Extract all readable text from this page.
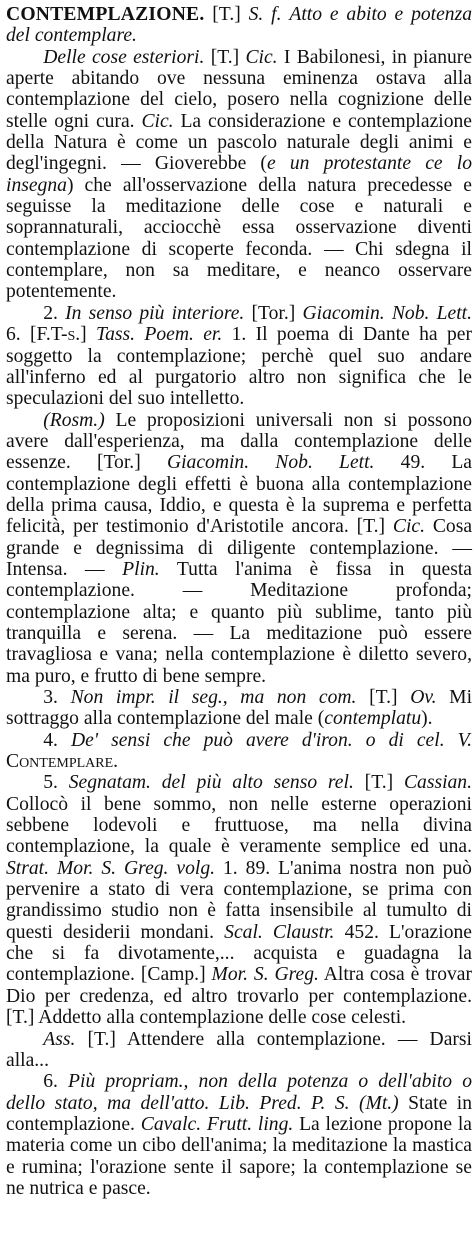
CONTEMPLAZIONE. [T.] S. f. Atto e abito e potenza del contemplare.

Delle cose esteriori. [T.] Cic. I Babilonesi, in pianure aperte abitando ove nessuna eminenza ostava alla contemplazione del cielo, posero nella cognizione delle stelle ogni cura. Cic. La considerazione e contemplazione della Natura è come un pascolo naturale degli animi e degl'ingegni. — Gioverebbe (e un protestante ce lo insegna) che all'osservazione della natura precedesse e seguisse la meditazione delle cose e naturali e soprannaturali, acciocchè essa osservazione diventi contemplazione di scoperte feconda. — Chi sdegna il contemplare, non sa meditare, e neanco osservare potentemente.

2. In senso più interiore. [Tor.] Giacomin. Nob. Lett. 6. [F.T-s.] Tass. Poem. er. 1. Il poema di Dante ha per soggetto la contemplazione; perchè quel suo andare all'inferno ed al purgatorio altro non significa che le speculazioni del suo intelletto.

(Rosm.) Le proposizioni universali non si possono avere dall'esperienza, ma dalla contemplazione delle essenze. [Tor.] Giacomin. Nob. Lett. 49. La contemplazione degli effetti è buona alla contemplazione della prima causa, Iddio, e questa è la suprema e perfetta felicità, per testimonio d'Aristotile ancora. [T.] Cic. Cosa grande e degnissima di diligente contemplazione. — Intensa. — Plin. Tutta l'anima è fissa in questa contemplazione. — Meditazione profonda; contemplazione alta; e quanto più sublime, tanto più tranquilla e serena. — La meditazione può essere travagliosa e vana; nella contemplazione è diletto severo, ma puro, e frutto di bene sempre.

3. Non impr. il seg., ma non com. [T.] Ov. Mi sottraggo alla contemplazione del male (contemplatu).

4. De' sensi che può avere d'iron. o di cel. V. Contemplare.

5. Segnatam. del più alto senso rel. [T.] Cassian. Collocò il bene sommo, non nelle esterne operazioni sebbene lodevoli e fruttuose, ma nella divina contemplazione, la quale è veramente semplice ed una. Strat. Mor. S. Greg. volg. 1. 89. L'anima nostra non può pervenire a stato di vera contemplazione, se prima con grandissimo studio non è fatta insensibile al tumulto di questi desiderii mondani. Scal. Claustr. 452. L'orazione che si fa divotamente,... acquista e guadagna la contemplazione. [Camp.] Mor. S. Greg. Altra cosa è trovar Dio per credenza, ed altro trovarlo per contemplazione. [T.] Addetto alla contemplazione delle cose celesti.

Ass. [T.] Attendere alla contemplazione. — Darsi alla...

6. Più propriam., non della potenza o dell'abito o dello stato, ma dell'atto. Lib. Pred. P. S. (Mt.) State in contemplazione. Cavalc. Frutt. ling. La lezione propone la materia come un cibo dell'anima; la meditazione la mastica e rumina; l'orazione sente il sapore; la contemplazione se ne nutrica e pasce.
